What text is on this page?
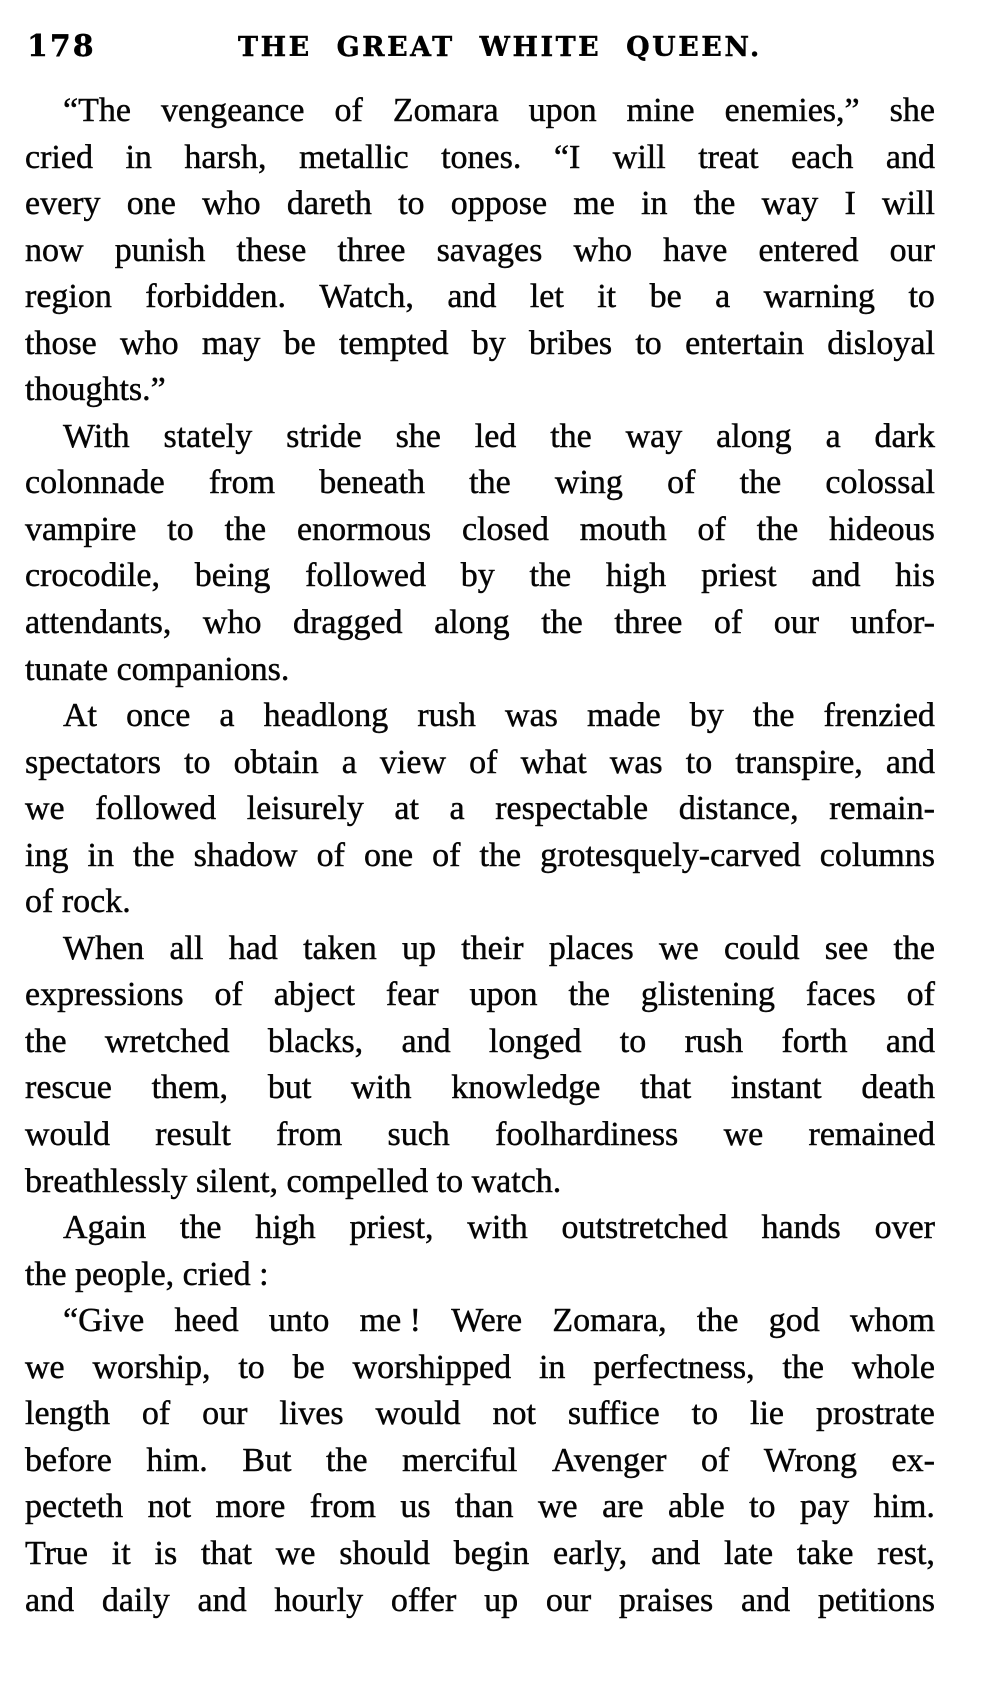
178	THE GREAT WHITE QUEEN.
“The vengeance of Zomara upon mine enemies,” she
cried in harsh, metallic tones. “I will treat each and
every one who dareth to oppose me in the way I will
now punish these three savages who have entered our
region forbidden. Watch, and let it be a warning to
those who may be tempted by bribes to entertain disloyal
thoughts.”
With stately stride she led the way along a dark
colonnade from beneath the wing of the colossal
vampire to the enormous closed mouth of the hideous
crocodile, being followed by the high priest and his
attendants, who dragged along the three of our unfor-
tunate companions.
At once a headlong rush was made by the frenzied
spectators to obtain a view of what was to transpire, and
we followed leisurely at a respectable distance, remain-
ing in the shadow of one of the grotesquely-carved columns
of rock.
When all had taken up their places we could see the
expressions of abject fear upon the glistening faces of
the wretched blacks, and longed to rush forth and
rescue them, but with knowledge that instant death
would result from such foolhardiness we remained
breathlessly silent, compelled to watch.
Again the high priest, with outstretched hands over
the people, cried :
“Give heed unto me ! Were Zomara, the god whom
we worship, to be worshipped in perfectness, the whole
length of our lives would not suffice to lie prostrate
before him. But the merciful Avenger of Wrong ex-
pecteth not more from us than we are able to pay him.
True it is that we should begin early, and late take rest,
and daily and hourly offer up our praises and petitions
